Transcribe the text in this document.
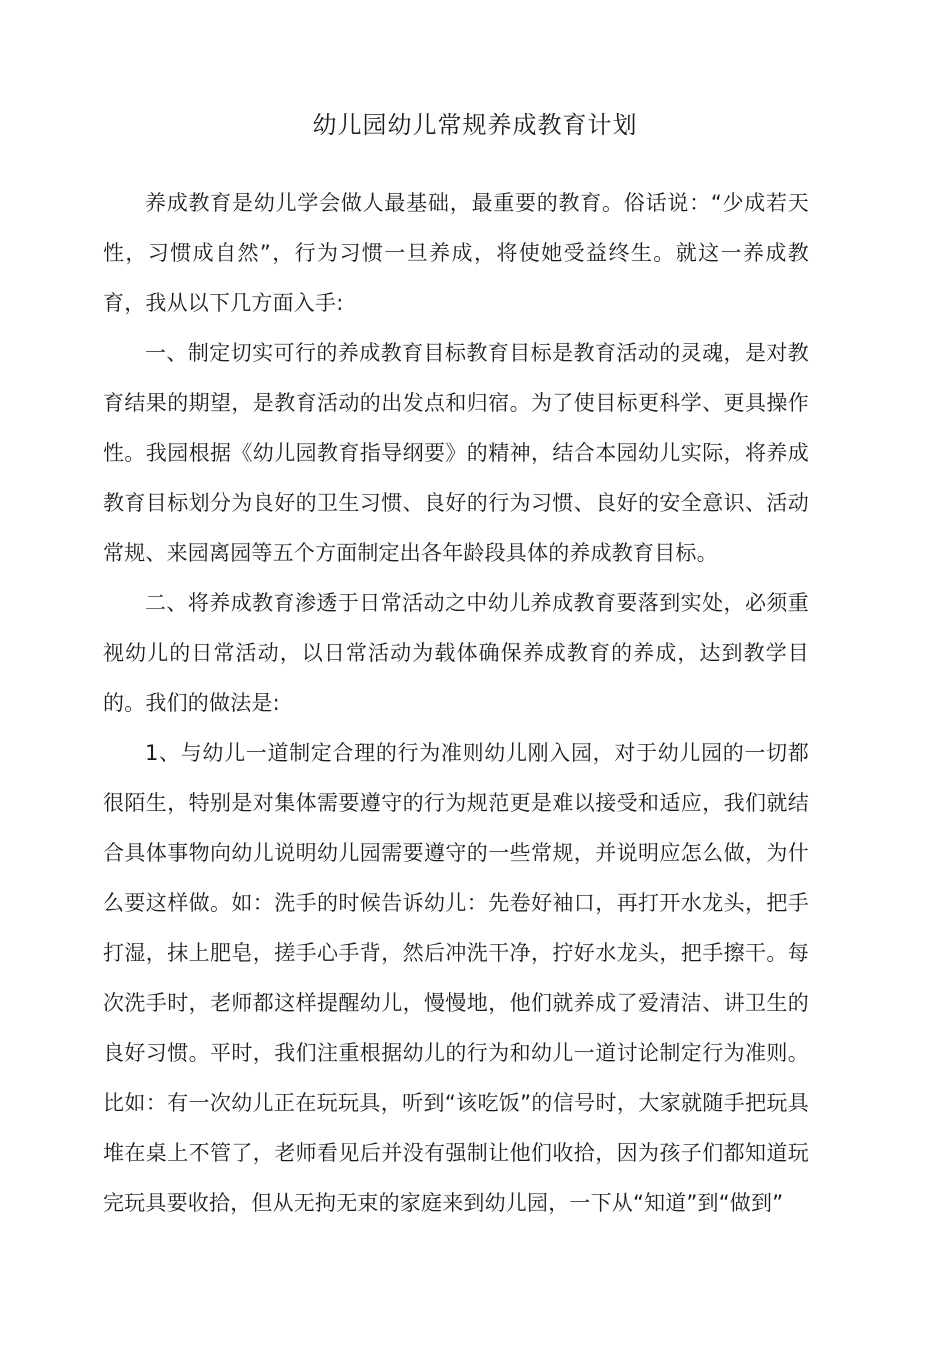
幼儿园幼儿常规养成教育计划

养成教育是幼儿学会做人最基础，最重要的教育。俗话说：“少成若天性，习惯成自然”，行为习惯一旦养成，将使她受益终生。就这一养成教育，我从以下几方面入手:

一、制定切实可行的养成教育目标教育目标是教育活动的灵魂，是对教育结果的期望，是教育活动的出发点和归宿。为了使目标更科学、更具操作性。我园根据《幼儿园教育指导纲要》的精神，结合本园幼儿实际，将养成教育目标划分为良好的卫生习惯、良好的行为习惯、良好的安全意识、活动常规、来园离园等五个方面制定出各年龄段具体的养成教育目标。

二、将养成教育渗透于日常活动之中幼儿养成教育要落到实处，必须重视幼儿的日常活动，以日常活动为载体确保养成教育的养成，达到教学目的。我们的做法是:

1、与幼儿一道制定合理的行为准则幼儿刚入园，对于幼儿园的一切都很陌生，特别是对集体需要遵守的行为规范更是难以接受和适应，我们就结合具体事物向幼儿说明幼儿园需要遵守的一些常规，并说明应怎么做，为什么要这样做。如：洗手的时候告诉幼儿：先卷好袖口，再打开水龙头，把手打湿，抹上肥皂，搓手心手背，然后冲洗干净，拧好水龙头，把手擦干。每次洗手时，老师都这样提醒幼儿，慢慢地，他们就养成了爱清洁、讲卫生的良好习惯。平时，我们注重根据幼儿的行为和幼儿一道讨论制定行为准则。比如：有一次幼儿正在玩玩具，听到“该吃饭”的信号时，大家就随手把玩具堆在桌上不管了，老师看见后并没有强制让他们收拾，因为孩子们都知道玩完玩具要收拾，但从无拘无束的家庭来到幼儿园，一下从“知道”到“做到”
